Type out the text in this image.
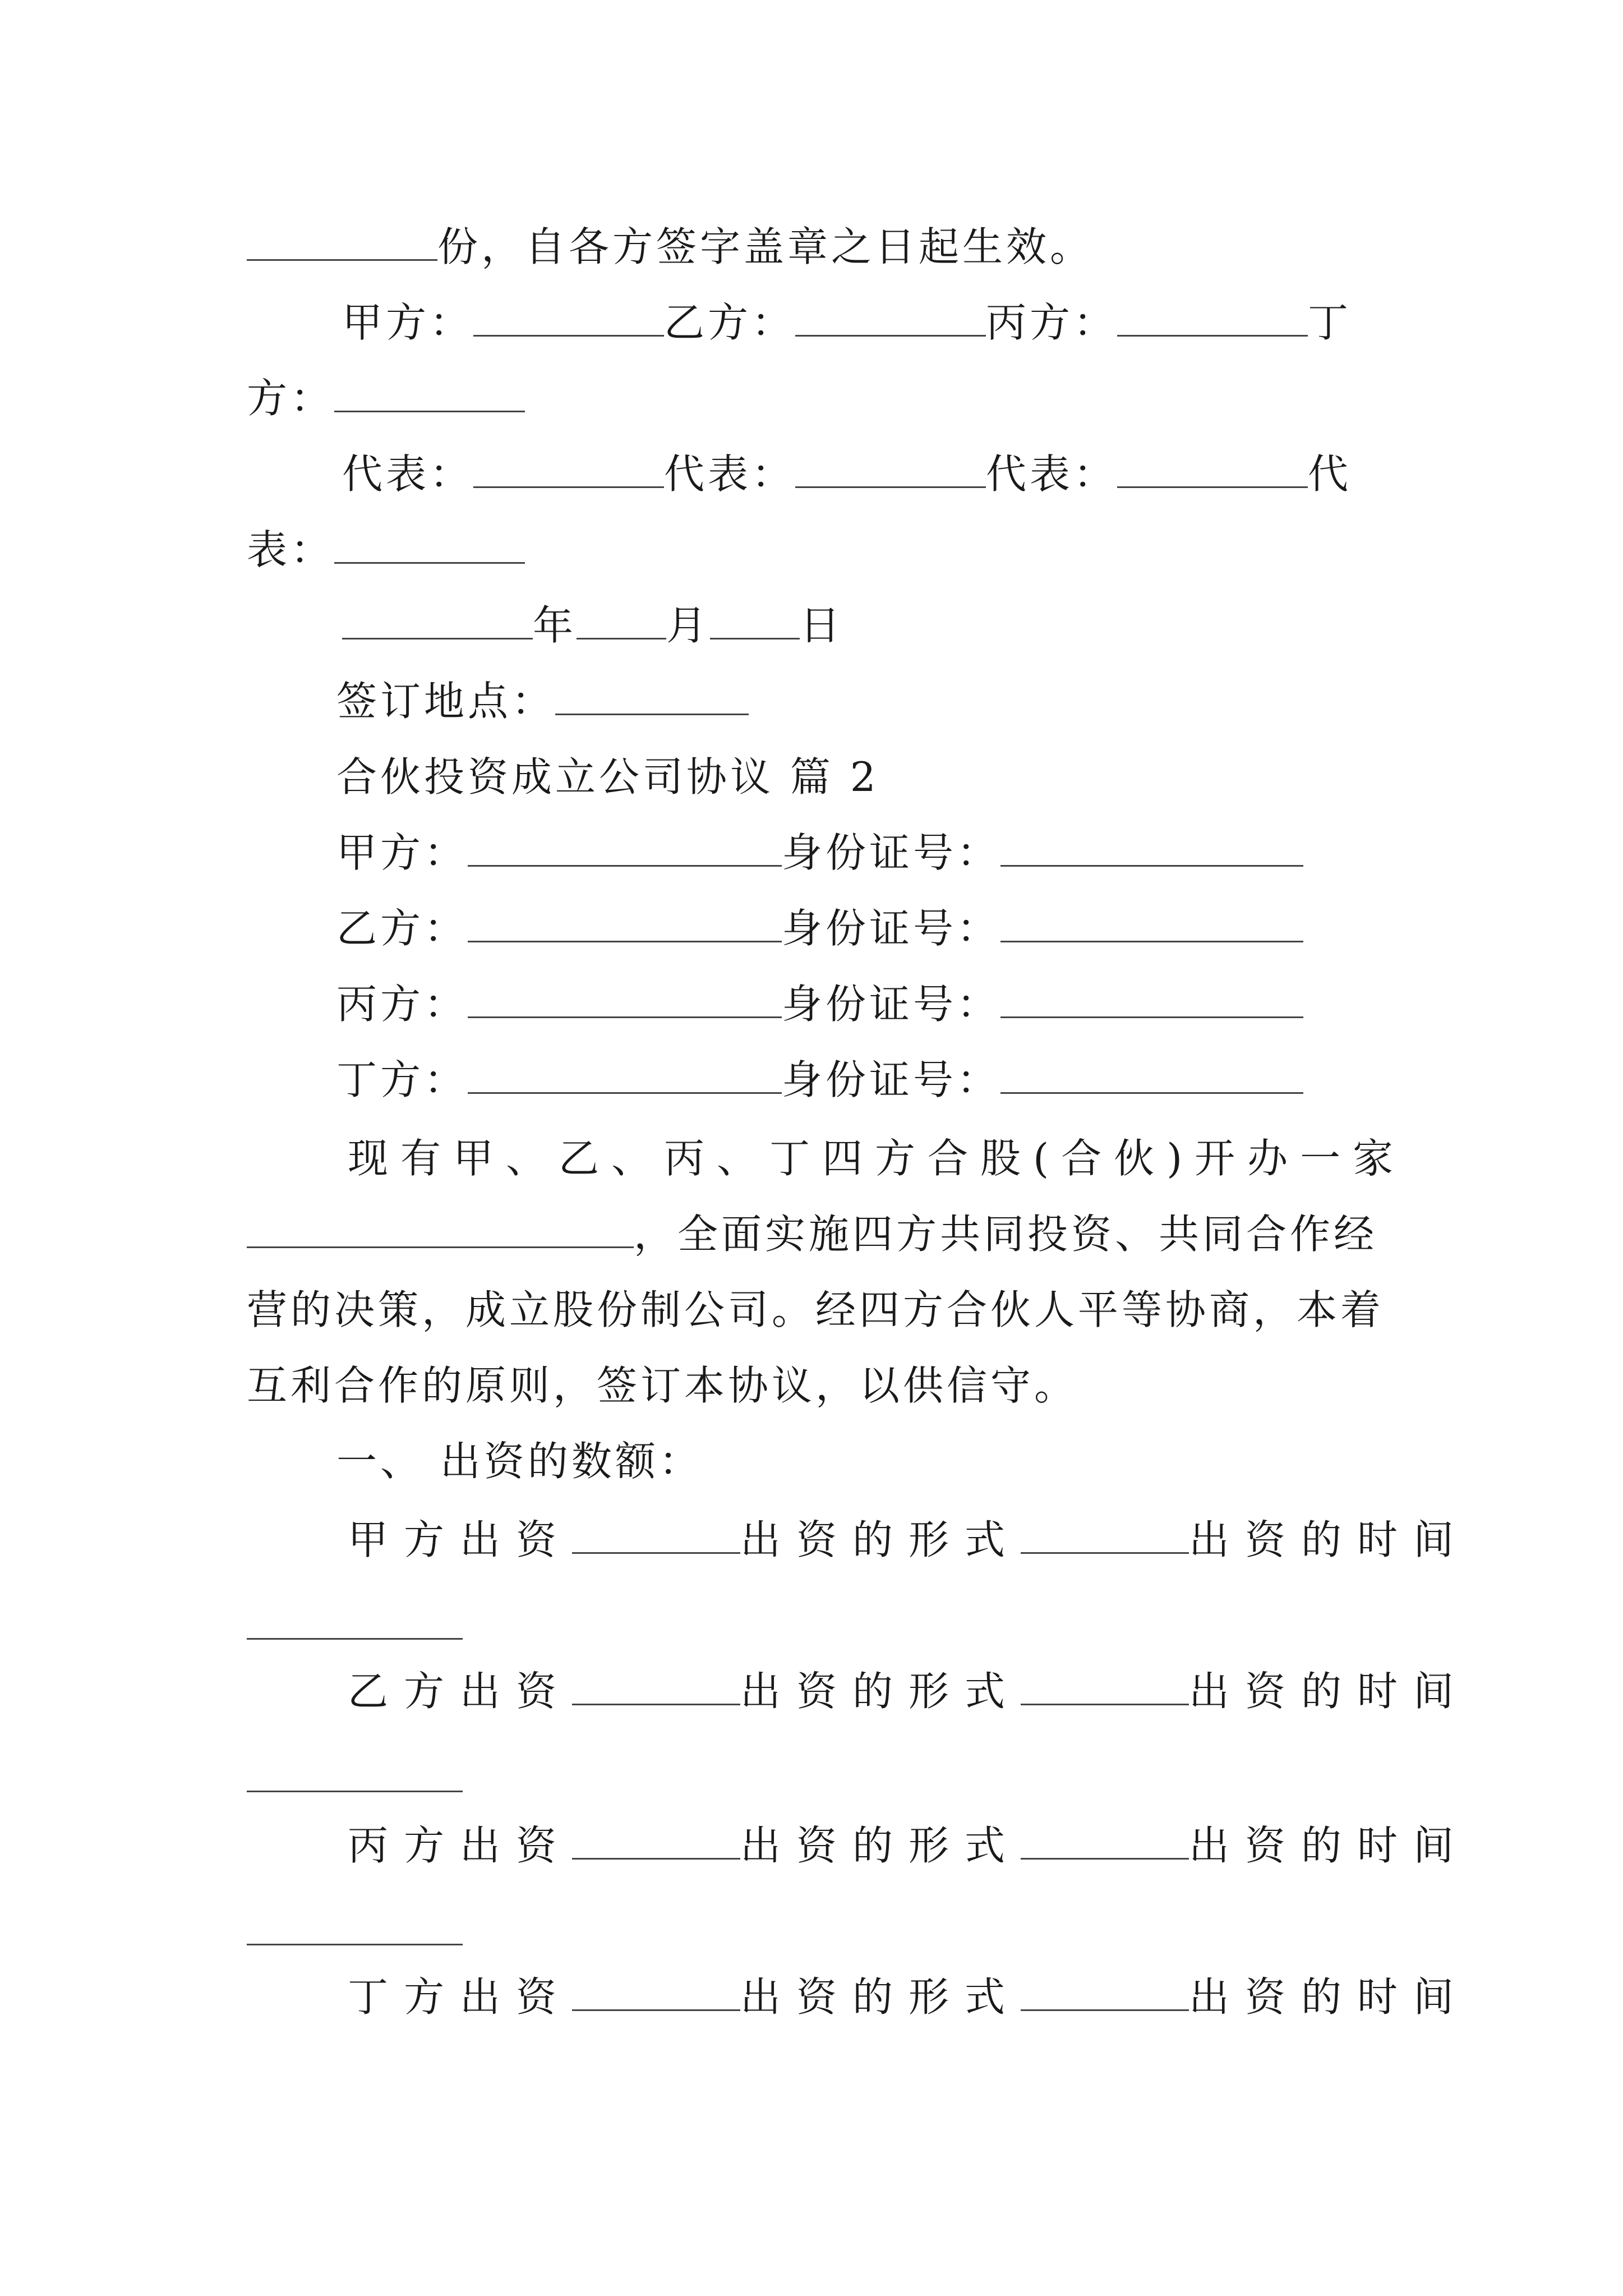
份，自各方签字盖章之日起生效。
甲方：	乙方：	丙方：	丁
方：
代表：	代表：	代表：	代
表：
年 月 日
签订地点：
合伙投资成立公司协议 篇 2
甲方：	身份证号：
乙方：	身份证号：
丙方：	身份证号：
丁方：	身份证号：
现有甲、乙、丙、丁四方合股(合伙)开办一家
，全面实施四方共同投资、共同合作经
营的决策，成立股份制公司。经四方合伙人平等协商，本着
互利合作的原则，签订本协议，以供信守。
一、 出资的数额：
甲方出资	出资的形式	出资的时间
乙方出资	出资的形式	出资的时间
丙方出资	出资的形式	出资的时间
丁方出资	出资的形式	出资的时间
